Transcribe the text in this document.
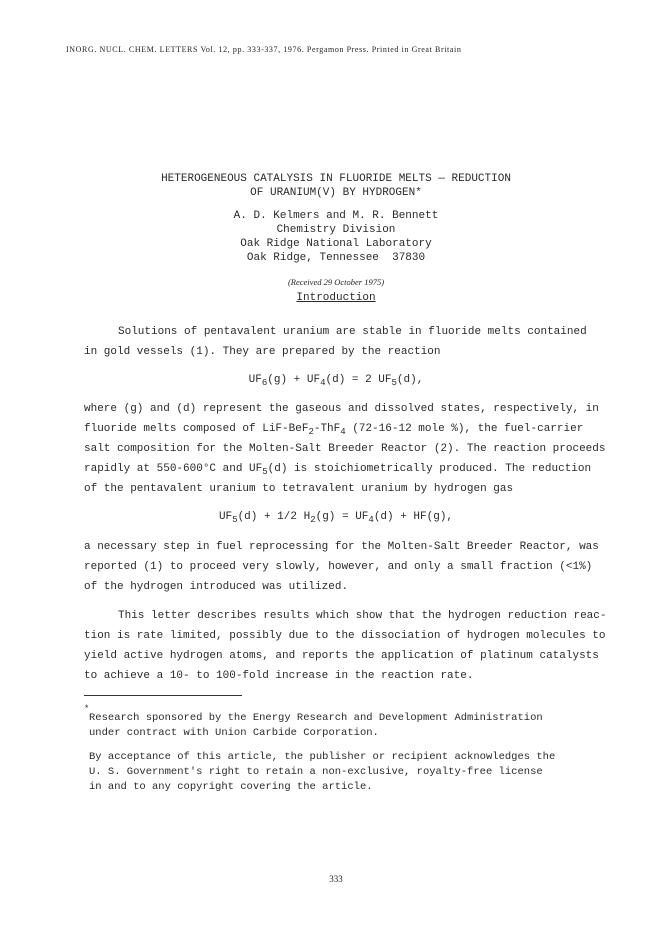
INORG. NUCL. CHEM. LETTERS Vol. 12, pp. 333-337, 1976. Pergamon Press. Printed in Great Britain
HETEROGENEOUS CATALYSIS IN FLUORIDE MELTS — REDUCTION
OF URANIUM(V) BY HYDROGEN*
A. D. Kelmers and M. R. Bennett
Chemistry Division
Oak Ridge National Laboratory
Oak Ridge, Tennessee 37830
(Received 29 October 1975)
Introduction
Solutions of pentavalent uranium are stable in fluoride melts contained
in gold vessels (1). They are prepared by the reaction
$UF_6(g) + UF_4(d) = 2$ $UF_5(d)$,
where (g) and (d) represent the gaseous and dissolved states, respectively, in
fluoride melts composed of LiF-BeF$_2$-ThF$_4$ (72-16-12 mole %), the fuel-carrier
salt composition for the Molten-Salt Breeder Reactor (2). The reaction proceeds
rapidly at 550-600°C and $UF_5(d)$ is stoichiometrically produced. The reduction
of the pentavalent uranium to tetravalent uranium by hydrogen gas
$UF_5(d) + 1/2$ $H_2(g) = UF_4(d) + HF(g)$,
a necessary step in fuel reprocessing for the Molten-Salt Breeder Reactor, was
reported (1) to proceed very slowly, however, and only a small fraction (<1%)
of the hydrogen introduced was utilized.
This letter describes results which show that the hydrogen reduction reac-
tion is rate limited, possibly due to the dissociation of hydrogen molecules to
yield active hydrogen atoms, and reports the application of platinum catalysts
to achieve a 10- to 100-fold increase in the reaction rate.
*
Research sponsored by the Energy Research and Development Administration
under contract with Union Carbide Corporation.
By acceptance of this article, the publisher or recipient acknowledges the
U. S. Government's right to retain a non-exclusive, royalty-free license
in and to any copyright covering the article.
333
